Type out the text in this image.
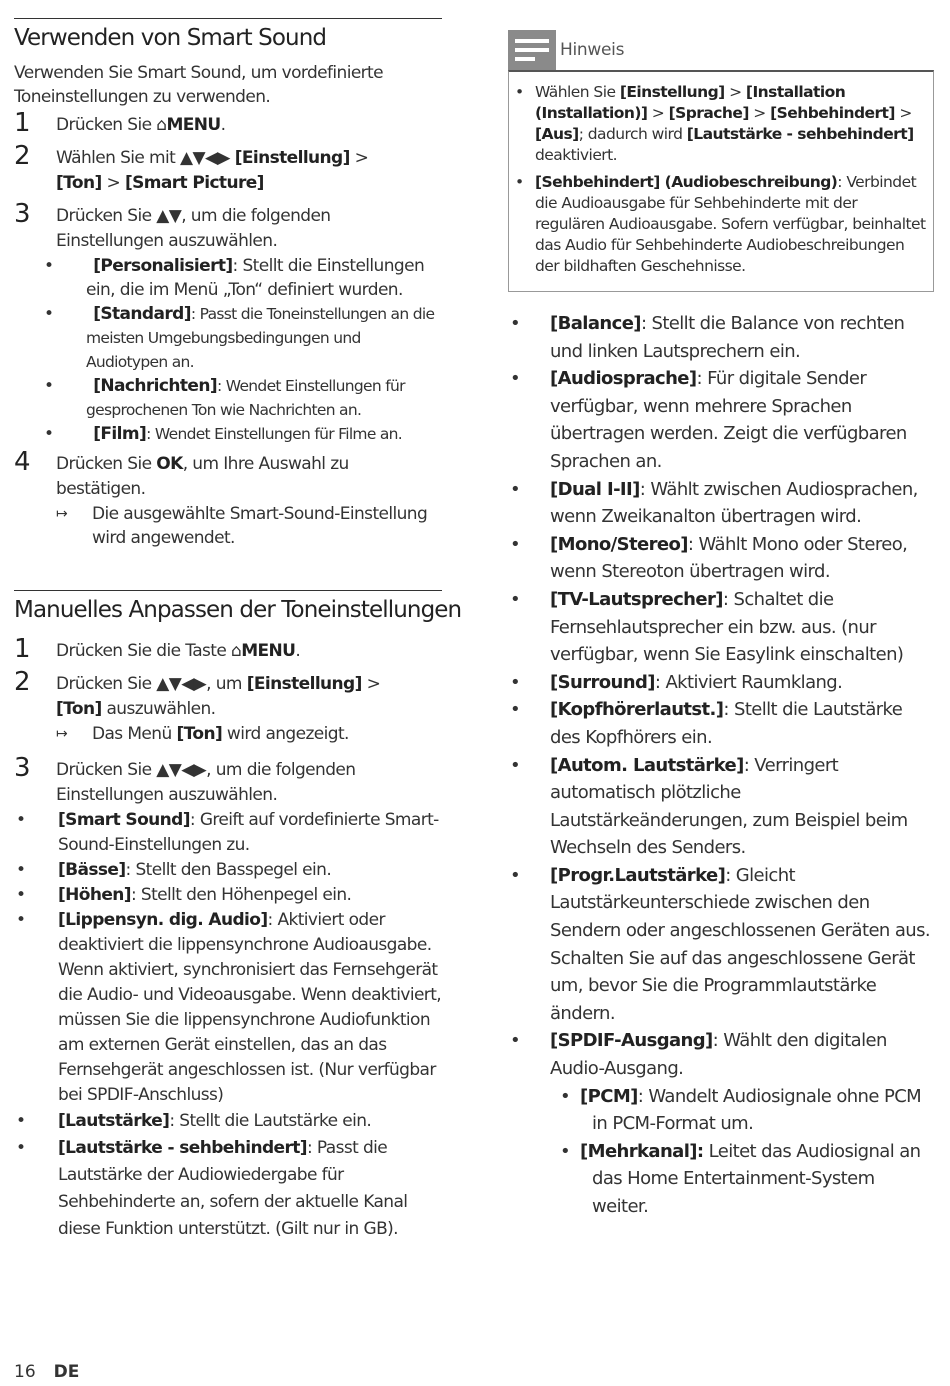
Verwenden von Smart Sound

Verwenden Sie Smart Sound, um vordefinierte Toneinstellungen zu verwenden.

1 Drücken Sie ⌂MENU.
2 Wählen Sie mit ▲▼◀▶ [Einstellung] >
[Ton] > [Smart Picture]
3 Drücken Sie ▲▼, um die folgenden Einstellungen auszuwählen.
• [Personalisiert]: Stellt die Einstellungen ein, die im Menü „Ton“ definiert wurden.
• [Standard]: Passt die Toneinstellungen an die meisten Umgebungsbedingungen und Audiotypen an.
• [Nachrichten]: Wendet Einstellungen für gesprochenen Ton wie Nachrichten an.
• [Film]: Wendet Einstellungen für Filme an.
4 Drücken Sie OK, um Ihre Auswahl zu bestätigen.
↦ Die ausgewählte Smart-Sound-Einstellung wird angewendet.
Manuelles Anpassen der Toneinstellungen
1 Drücken Sie die Taste ⌂MENU.
2 Drücken Sie ▲▼◀▶, um [Einstellung] >
[Ton] auszuwählen.
↦ Das Menü [Ton] wird angezeigt.
3 Drücken Sie ▲▼◀▶, um die folgenden Einstellungen auszuwählen.
• [Smart Sound]: Greift auf vordefinierte Smart-Sound-Einstellungen zu.
• [Bässe]: Stellt den Basspegel ein.
• [Höhen]: Stellt den Höhenpegel ein.
• [Lippensyn. dig. Audio]: Aktiviert oder deaktiviert die lippensynchrone Audioausgabe. Wenn aktiviert, synchronisiert das Fernsehgerät die Audio- und Videoausgabe. Wenn deaktiviert, müssen Sie die lippensynchrone Audiofunktion am externen Gerät einstellen, das an das Fernsehgerät angeschlossen ist. (Nur verfügbar bei SPDIF-Anschluss)
• [Lautstärke]: Stellt die Lautstärke ein.
• [Lautstärke - sehbehindert]: Passt die Lautstärke der Audiowiedergabe für Sehbehinderte an, sofern der aktuelle Kanal diese Funktion unterstützt. (Gilt nur in GB).
Hinweis
• Wählen Sie [Einstellung] > [Installation (Installation)] > [Sprache] > [Sehbehindert] > [Aus]; dadurch wird [Lautstärke - sehbehindert] deaktiviert.
• [Sehbehindert] (Audiobeschreibung): Verbindet die Audioausgabe für Sehbehinderte mit der regulären Audioausgabe. Sofern verfügbar, beinhaltet das Audio für Sehbehinderte Audiobeschreibungen der bildhaften Geschehnisse.
• [Balance]: Stellt die Balance von rechten und linken Lautsprechern ein.
• [Audiosprache]: Für digitale Sender verfügbar, wenn mehrere Sprachen übertragen werden. Zeigt die verfügbaren Sprachen an.
• [Dual I-II]: Wählt zwischen Audiosprachen, wenn Zweikanalton übertragen wird.
• [Mono/Stereo]: Wählt Mono oder Stereo, wenn Stereoton übertragen wird.
• [TV-Lautsprecher]: Schaltet die Fernsehlautsprecher ein bzw. aus. (nur verfügbar, wenn Sie Easylink einschalten)
• [Surround]: Aktiviert Raumklang.
• [Kopfhörerlautst.]: Stellt die Lautstärke des Kopfhörers ein.
• [Autom. Lautstärke]: Verringert automatisch plötzliche Lautstärkeänderungen, zum Beispiel beim Wechseln des Senders.
• [Progr.Lautstärke]: Gleicht Lautstärkeunterschiede zwischen den Sendern oder angeschlossenen Geräten aus. Schalten Sie auf das angeschlossene Gerät um, bevor Sie die Programmlautstärke ändern.
• [SPDIF-Ausgang]: Wählt den digitalen Audio-Ausgang.
• [PCM]: Wandelt Audiosignale ohne PCM in PCM-Format um.
• [Mehrkanal]: Leitet das Audiosignal an das Home Entertainment-System weiter.
16 DE
